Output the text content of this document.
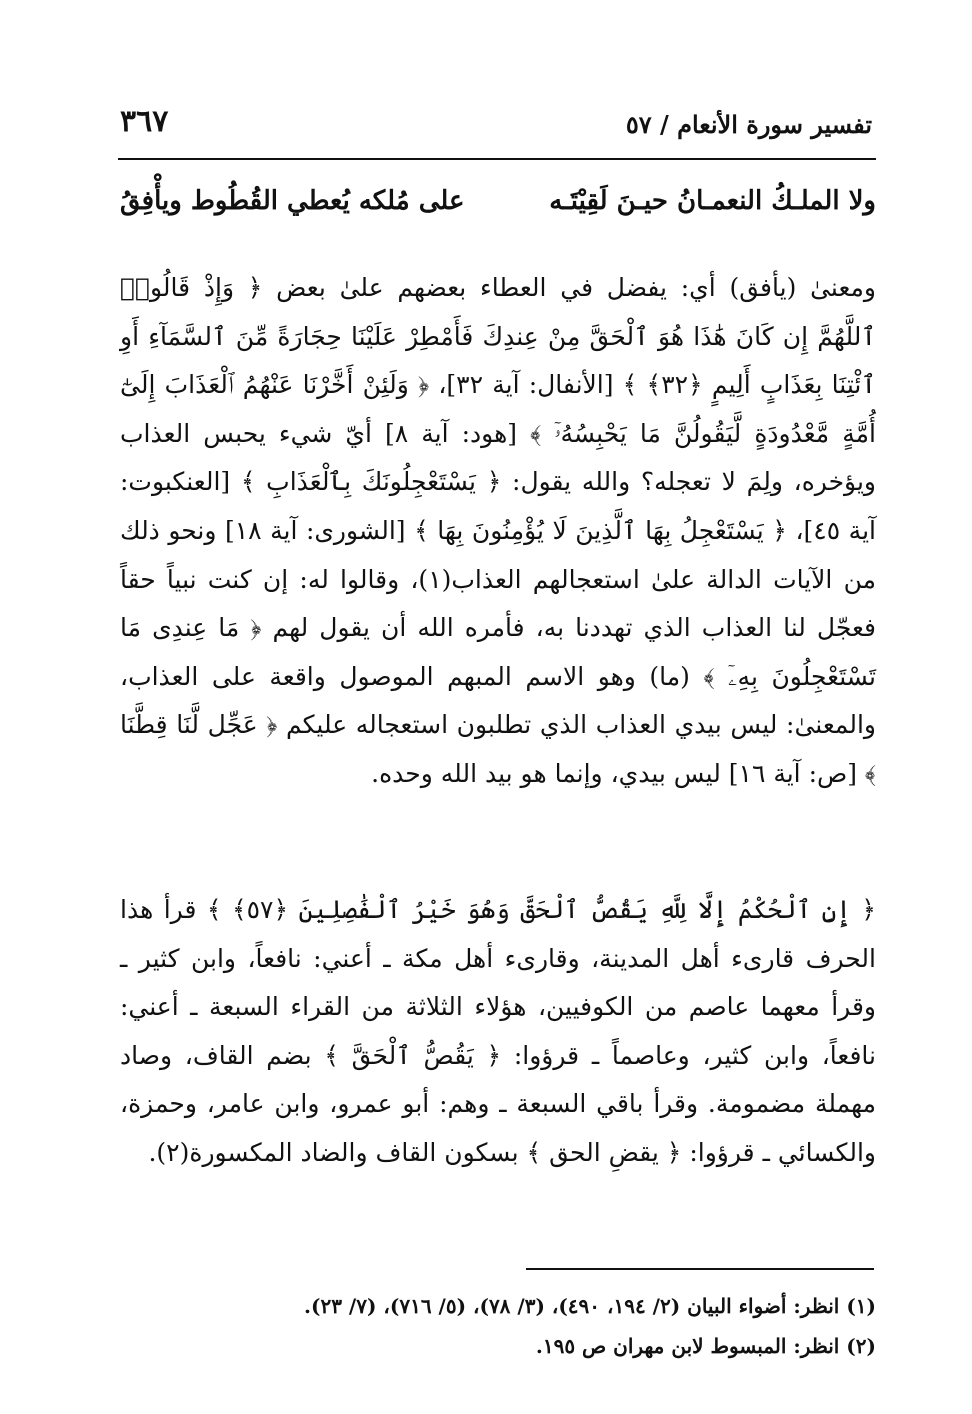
تفسير سورة الأنعام / ٥٧
٣٦٧
ولا الملـكُ النعمـانُ حيـنَ لَقِيْتَـه
على مُلكه يُعطي القُطُوط ويأْفِقُ

ومعنىٰ (يأفق) أي: يفضل في العطاء بعضهم علىٰ بعض ﴿ وَإِذْ قَالُوا۟ ٱللَّهُمَّ إِن كَانَ هَٰذَا هُوَ ٱلْحَقَّ مِنْ عِندِكَ فَأَمْطِرْ عَلَيْنَا حِجَارَةً مِّنَ ٱلسَّمَآءِ أَوِ ٱئْتِنَا بِعَذَابٍ أَلِيمٍ ﴿٣٢﴾ ﴾ [الأنفال: آية ٣٢]، ﴿ وَلَئِنْ أَخَّرْنَا عَنْهُمُ ٱلْعَذَابَ إِلَىٰٓ أُمَّةٍ مَّعْدُودَةٍ لَّيَقُولُنَّ مَا يَحْبِسُهُۥٓ ﴾ [هود: آية ٨] أيّ شيء يحبس العذاب ويؤخره، ولِمَ لا تعجله؟ والله يقول: ﴿ يَسْتَعْجِلُونَكَ بِٱلْعَذَابِ ﴾ [العنكبوت: آية ٤٥]، ﴿ يَسْتَعْجِلُ بِهَا ٱلَّذِينَ لَا يُؤْمِنُونَ بِهَا ﴾ [الشورى: آية ١٨] ونحو ذلك من الآيات الدالة علىٰ استعجالهم العذاب(١)، وقالوا له: إن كنت نبياً حقاً فعجّل لنا العذاب الذي تهددنا به، فأمره الله أن يقول لهم ﴿ مَا عِندِى مَا تَسْتَعْجِلُونَ بِهِۦٓ ﴾ (ما) وهو الاسم المبهم الموصول واقعة على العذاب، والمعنىٰ: ليس بيدي العذاب الذي تطلبون استعجاله عليكم ﴿ عَجِّل لَّنَا قِطَّنَا ﴾ [ص: آية ١٦] ليس بيدي، وإنما هو بيد الله وحده.

﴿ إِنِ ٱلْحُكْمُ إِلَّا لِلَّهِ يَقُصُّ ٱلْحَقَّ وَهُوَ خَيْرُ ٱلْفَٰصِلِينَ ﴿٥٧﴾ ﴾ قرأ هذا الحرف قارىء أهل المدينة، وقارىء أهل مكة ـ أعني: نافعاً، وابن كثير ـ وقرأ معهما عاصم من الكوفيين، هؤلاء الثلاثة من القراء السبعة ـ أعني: نافعاً، وابن كثير، وعاصماً ـ قرؤوا: ﴿ يَقُصُّ ٱلْحَقَّ ﴾ بضم القاف، وصاد مهملة مضمومة. وقرأ باقي السبعة ـ وهم: أبو عمرو، وابن عامر، وحمزة، والكسائي ـ قرؤوا: ﴿ يقضِ الحق ﴾ بسكون القاف والضاد المكسورة(٢).

(١) انظر: أضواء البيان (٢/ ١٩٤، ٤٩٠)، (٣/ ٧٨)، (٥/ ٧١٦)، (٧/ ٢٣).
(٢) انظر: المبسوط لابن مهران ص ١٩٥.
